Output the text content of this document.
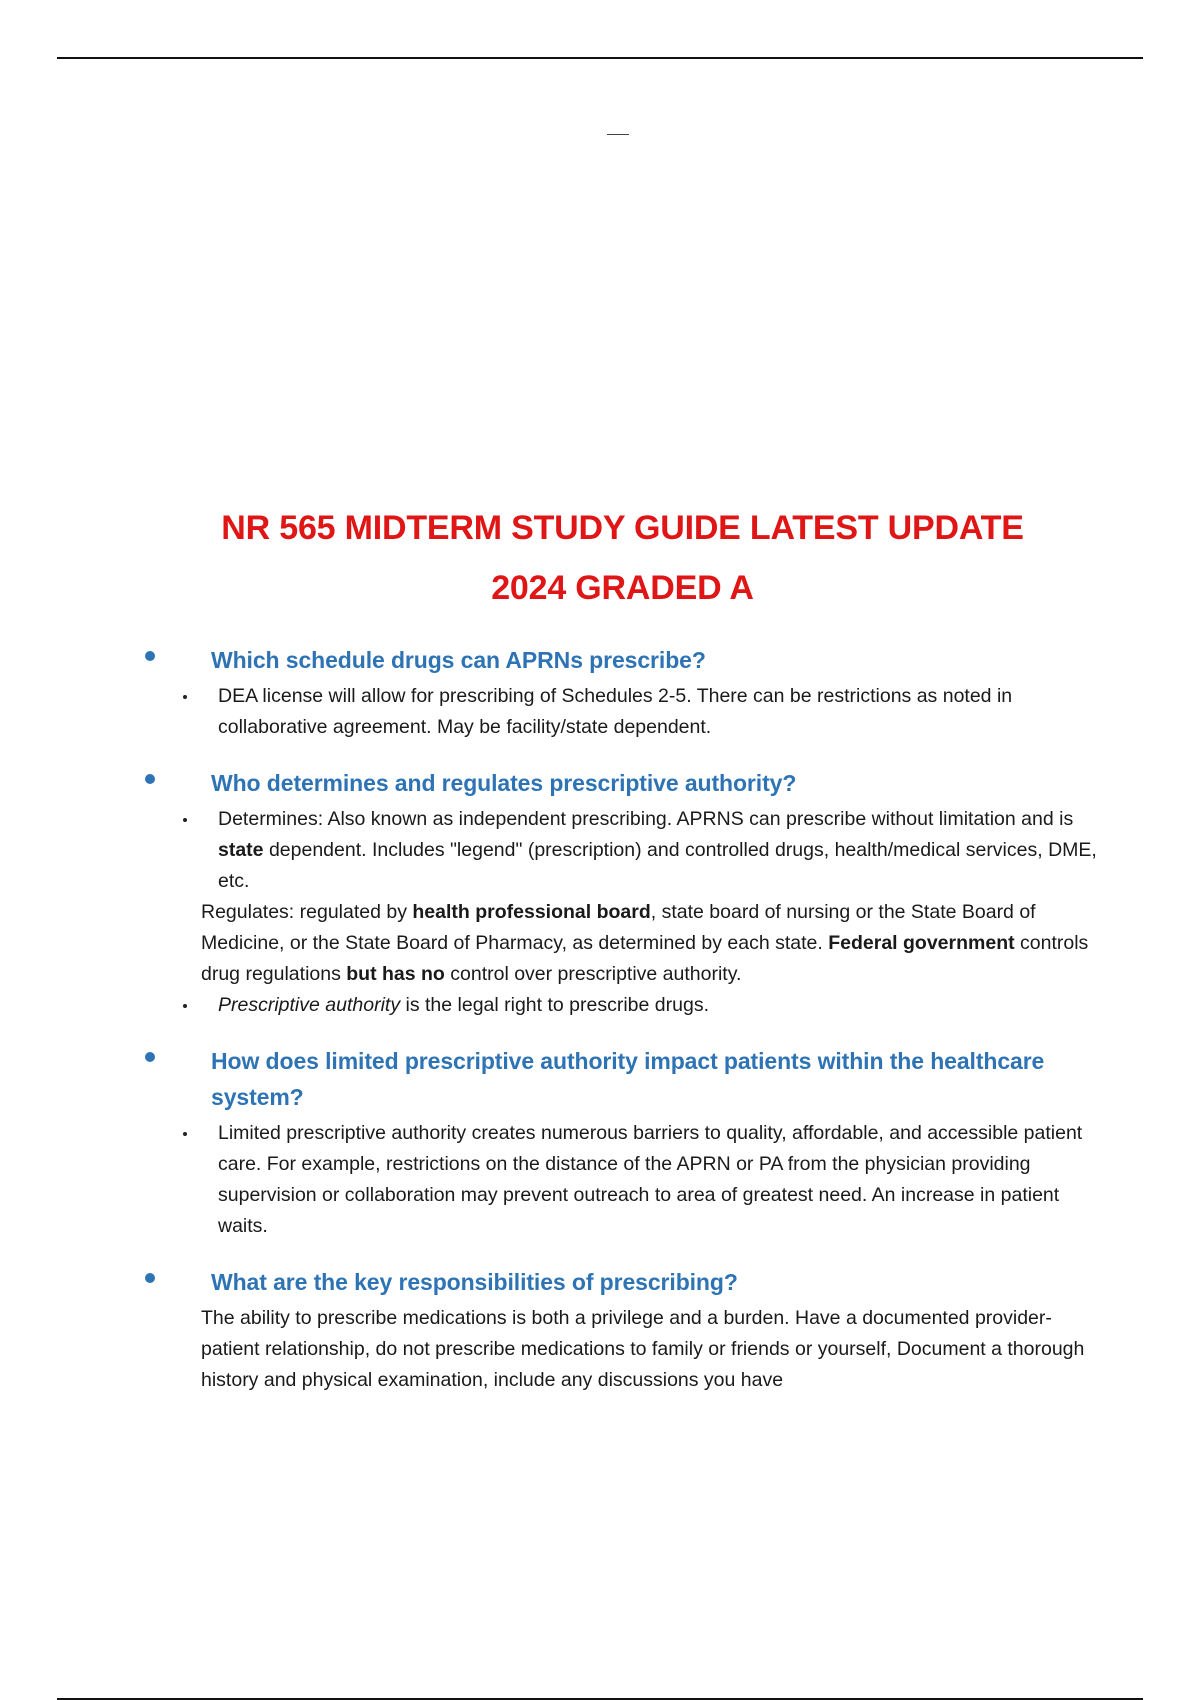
NR 565 MIDTERM STUDY GUIDE LATEST UPDATE
2024 GRADED A
Which schedule drugs can APRNs prescribe?
DEA license will allow for prescribing of Schedules 2-5. There can be restrictions as noted in collaborative agreement. May be facility/state dependent.
Who determines and regulates prescriptive authority?
Determines: Also known as independent prescribing. APRNS can prescribe without limitation and is state dependent. Includes "legend" (prescription) and controlled drugs, health/medical services, DME, etc.
Regulates: regulated by health professional board, state board of nursing or the State Board of Medicine, or the State Board of Pharmacy, as determined by each state. Federal government controls drug regulations but has no control over prescriptive authority.
Prescriptive authority is the legal right to prescribe drugs.
How does limited prescriptive authority impact patients within the healthcare system?
Limited prescriptive authority creates numerous barriers to quality, affordable, and accessible patient care. For example, restrictions on the distance of the APRN or PA from the physician providing supervision or collaboration may prevent outreach to area of greatest need. An increase in patient waits.
What are the key responsibilities of prescribing?
The ability to prescribe medications is both a privilege and a burden. Have a documented provider-patient relationship, do not prescribe medications to family or friends or yourself, Document a thorough history and physical examination, include any discussions you have
